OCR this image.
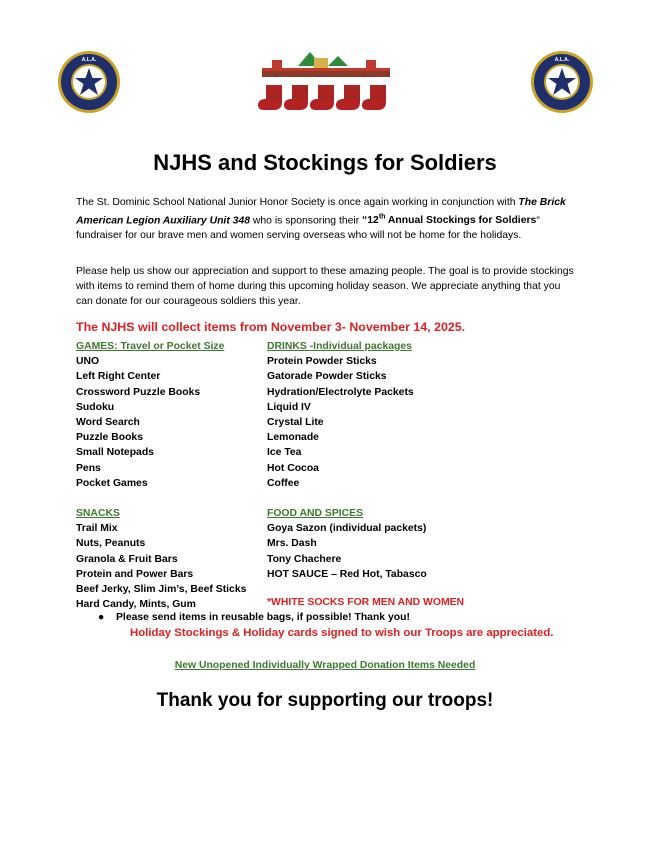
A.L.A.	A.L.A.
NJHS and Stockings for Soldiers
The St. Dominic School National Junior Honor Society is once again working in conjunction with The Brick American Legion Auxiliary Unit 348 who is sponsoring their “12th Annual Stockings for Soldiers” fundraiser for our brave men and women serving overseas who will not be home for the holidays.
Please help us show our appreciation and support to these amazing people. The goal is to provide stockings with items to remind them of home during this upcoming holiday season. We appreciate anything that you can donate for our courageous soldiers this year.
The NJHS will collect items from November 3- November 14, 2025.
GAMES: Travel or Pocket Size
UNO
Left Right Center
Crossword Puzzle Books
Sudoku
Word Search
Puzzle Books
Small Notepads
Pens
Pocket Games
DRINKS -Individual packages
Protein Powder Sticks
Gatorade Powder Sticks
Hydration/Electrolyte Packets
Liquid IV
Crystal Lite
Lemonade
Ice Tea
Hot Cocoa
Coffee
SNACKS
Trail Mix
Nuts, Peanuts
Granola & Fruit Bars
Protein and Power Bars
Beef Jerky, Slim Jim’s, Beef Sticks
Hard Candy, Mints, Gum
FOOD AND SPICES
Goya Sazon (individual packets)
Mrs. Dash
Tony Chachere
HOT SAUCE – Red Hot, Tabasco
*WHITE SOCKS FOR MEN AND WOMEN
● Please send items in reusable bags, if possible! Thank you!
Holiday Stockings & Holiday cards signed to wish our Troops are appreciated.
New Unopened Individually Wrapped Donation Items Needed
Thank you for supporting our troops!
